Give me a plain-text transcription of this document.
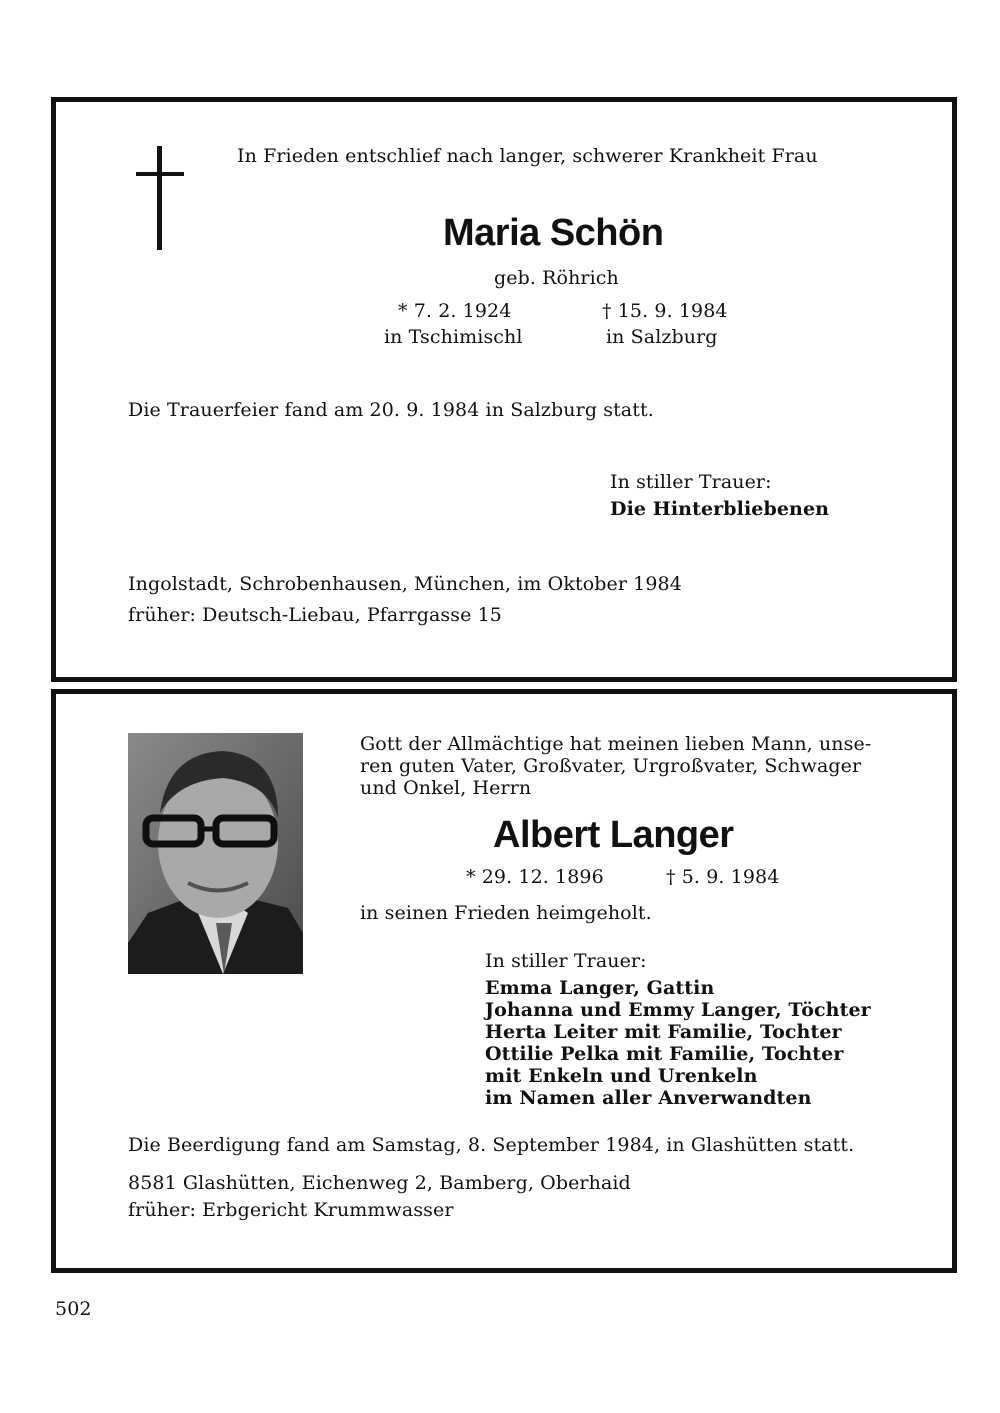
In Frieden entschlief nach langer, schwerer Krankheit Frau
Maria Schön
geb. Röhrich
* 7. 2. 1924
in Tschimischl
† 15. 9. 1984
in Salzburg
Die Trauerfeier fand am 20. 9. 1984 in Salzburg statt.
In stiller Trauer:
Die Hinterbliebenen
Ingolstadt, Schrobenhausen, München, im Oktober 1984
früher: Deutsch-Liebau, Pfarrgasse 15
Gott der Allmächtige hat meinen lieben Mann, unse-
ren guten Vater, Großvater, Urgroßvater, Schwager
und Onkel, Herrn
Albert Langer
* 29. 12. 1896	† 5. 9. 1984
in seinen Frieden heimgeholt.
In stiller Trauer:
Emma Langer, Gattin
Johanna und Emmy Langer, Töchter
Herta Leiter mit Familie, Tochter
Ottilie Pelka mit Familie, Tochter
mit Enkeln und Urenkeln
im Namen aller Anverwandten
Die Beerdigung fand am Samstag, 8. September 1984, in Glashütten statt.
8581 Glashütten, Eichenweg 2, Bamberg, Oberhaid
früher: Erbgericht Krummwasser
502
